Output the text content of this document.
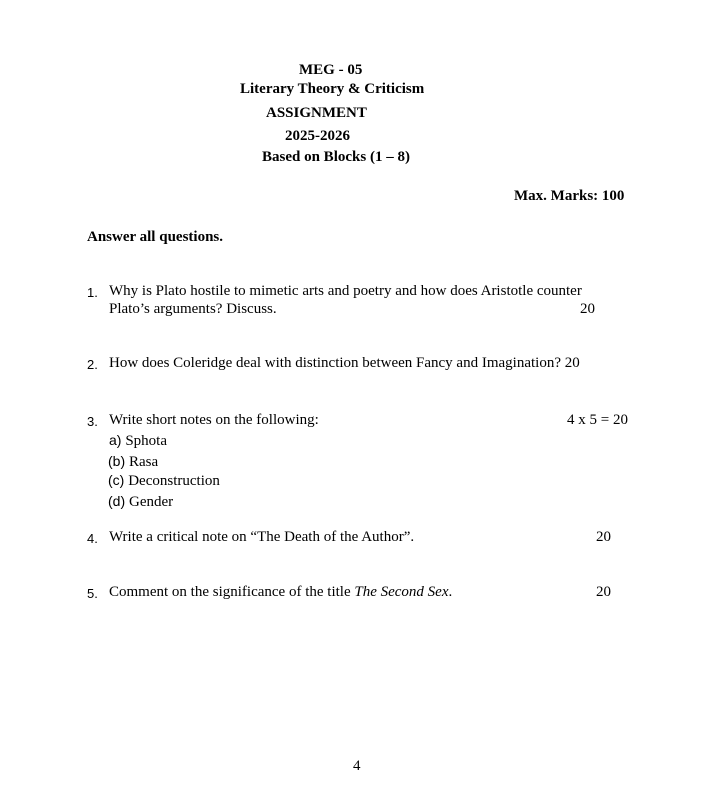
MEG - 05
Literary Theory & Criticism
ASSIGNMENT
2025-2026
Based on Blocks (1 – 8)
Max. Marks: 100
Answer all questions.
1. Why is Plato hostile to mimetic arts and poetry and how does Aristotle counter
Plato’s arguments? Discuss.	20
2. How does Coleridge deal with distinction between Fancy and Imagination? 20
3. Write short notes on the following:	4 x 5 = 20
a) Sphota
(b) Rasa
(c) Deconstruction
(d) Gender
4. Write a critical note on “The Death of the Author”.	20
5. Comment on the significance of the title The Second Sex.	20
4
